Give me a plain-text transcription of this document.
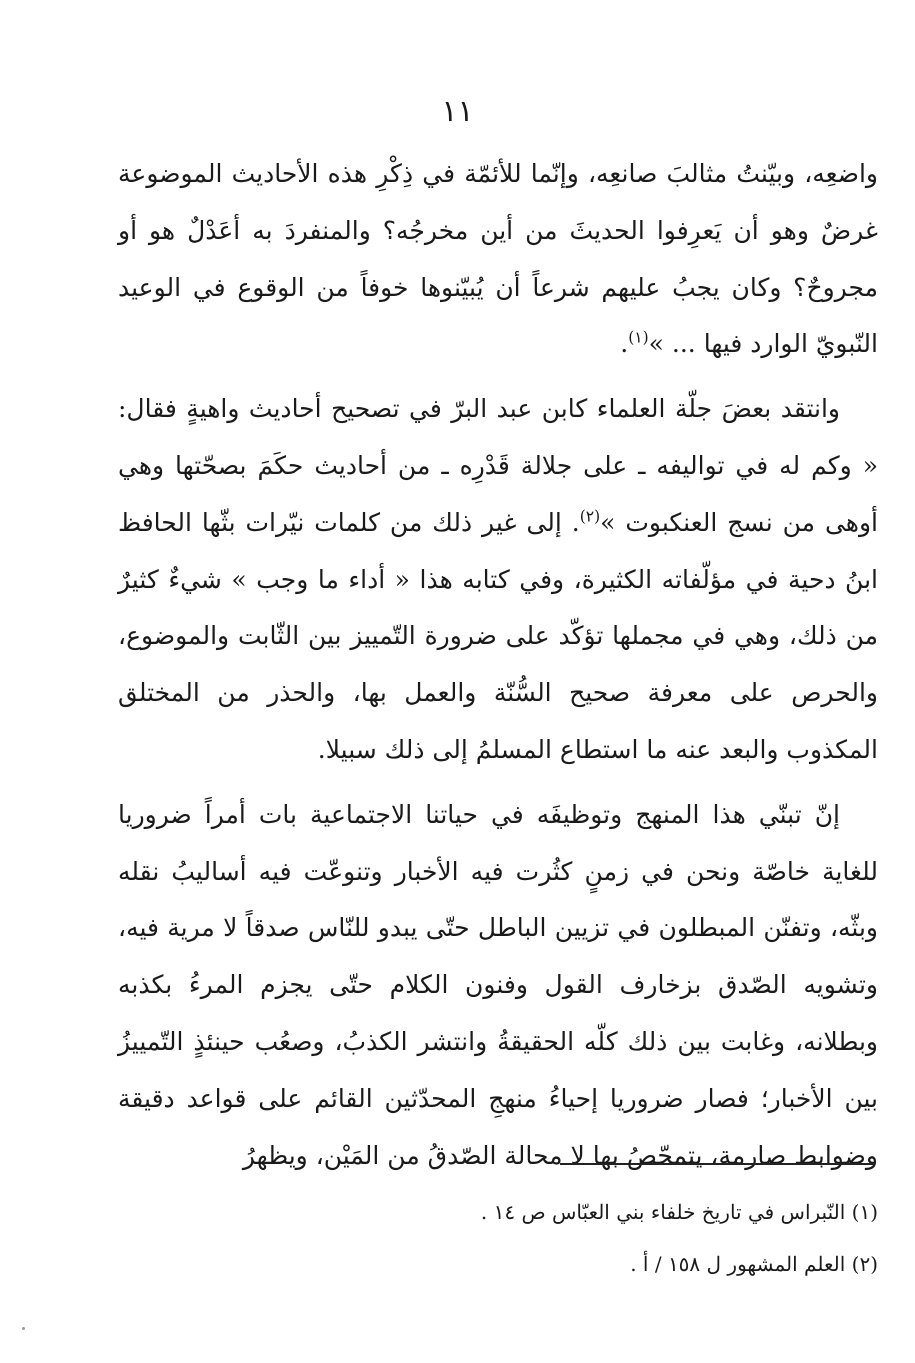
١١

واضعِه، وبيّنتُ مثالبَ صانعِه، وإنّما للأئمّة في ذِكْرِ هذه الأحاديث الموضوعة غرضٌ وهو أن يَعرِفوا الحديثَ من أين مخرجُه؟ والمنفردَ به أعَدْلٌ هو أو مجروحٌ؟ وكان يجبُ عليهم شرعاً أن يُبيّنوها خوفاً من الوقوع في الوعيد النّبويّ الوارد فيها ... »$^{(١)}$.

وانتقد بعضَ جلّة العلماء كابن عبد البرّ في تصحيح أحاديث واهيةٍ فقال: « وكم له في تواليفه ـ على جلالة قَدْرِه ـ من أحاديث حكَمَ بصحّتها وهي أوهى من نسج العنكبوت »$^{(٢)}$. إلى غير ذلك من كلمات نيّرات بثّها الحافظ ابنُ دحية في مؤلّفاته الكثيرة، وفي كتابه هذا « أداء ما وجب » شيءٌ كثيرٌ من ذلك، وهي في مجملها تؤكّد على ضرورة التّمييز بين الثّابت والموضوع، والحرص على معرفة صحيح السُّنّة والعمل بها، والحذر من المختلق المكذوب والبعد عنه ما استطاع المسلمُ إلى ذلك سبيلا.

إنّ تبنّي هذا المنهج وتوظيفَه في حياتنا الاجتماعية بات أمراً ضروريا للغاية خاصّة ونحن في زمنٍ كثُرت فيه الأخبار وتنوعّت فيه أساليبُ نقله وبثّه، وتفنّن المبطلون في تزيين الباطل حتّى يبدو للنّاس صدقاً لا مرية فيه، وتشويه الصّدق بزخارف القول وفنون الكلام حتّى يجزم المرءُ بكذبه وبطلانه، وغابت بين ذلك كلّه الحقيقةُ وانتشر الكذبُ، وصعُب حينئذٍ التّمييزُ بين الأخبار؛ فصار ضروريا إحياءُ منهجِ المحدّثين القائم على قواعد دقيقة وضوابط صارمة، يتمحّصُ بها لا محالة الصّدقُ من المَيْن، ويظهرُ

(١) النّبراس في تاريخ خلفاء بني العبّاس ص ١٤ .
(٢) العلم المشهور ل ١٥٨ / أ .
